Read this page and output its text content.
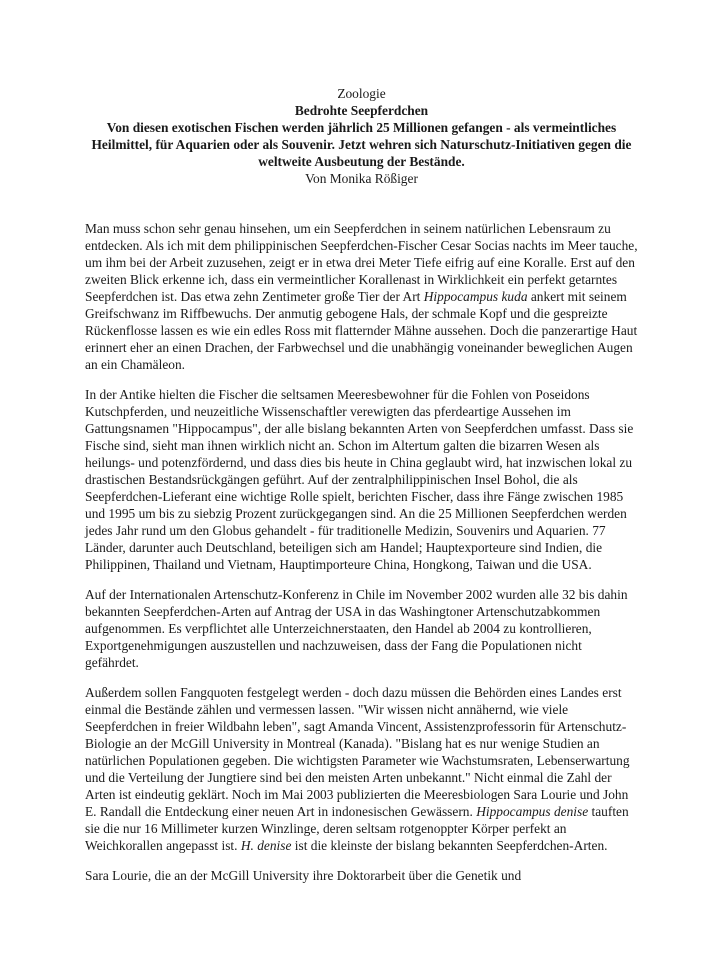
Zoologie
Bedrohte Seepferdchen
Von diesen exotischen Fischen werden jährlich 25 Millionen gefangen - als vermeintliches Heilmittel, für Aquarien oder als Souvenir. Jetzt wehren sich Naturschutz-Initiativen gegen die weltweite Ausbeutung der Bestände.
Von Monika Rößiger

Man muss schon sehr genau hinsehen, um ein Seepferdchen in seinem natürlichen Lebensraum zu entdecken. Als ich mit dem philippinischen Seepferdchen-Fischer Cesar Socias nachts im Meer tauche, um ihm bei der Arbeit zuzusehen, zeigt er in etwa drei Meter Tiefe eifrig auf eine Koralle. Erst auf den zweiten Blick erkenne ich, dass ein vermeintlicher Korallenast in Wirklichkeit ein perfekt getarntes Seepferdchen ist. Das etwa zehn Zentimeter große Tier der Art Hippocampus kuda ankert mit seinem Greifschwanz im Riffbewuchs. Der anmutig gebogene Hals, der schmale Kopf und die gespreizte Rückenflosse lassen es wie ein edles Ross mit flatternder Mähne aussehen. Doch die panzerartige Haut erinnert eher an einen Drachen, der Farbwechsel und die unabhängig voneinander beweglichen Augen an ein Chamäleon.

In der Antike hielten die Fischer die seltsamen Meeresbewohner für die Fohlen von Poseidons Kutschpferden, und neuzeitliche Wissenschaftler verewigten das pferdeartige Aussehen im Gattungsnamen "Hippocampus", der alle bislang bekannten Arten von Seepferdchen umfasst. Dass sie Fische sind, sieht man ihnen wirklich nicht an. Schon im Altertum galten die bizarren Wesen als heilungs- und potenzfördernd, und dass dies bis heute in China geglaubt wird, hat inzwischen lokal zu drastischen Bestandsrückgängen geführt. Auf der zentralphilippinischen Insel Bohol, die als Seepferdchen-Lieferant eine wichtige Rolle spielt, berichten Fischer, dass ihre Fänge zwischen 1985 und 1995 um bis zu siebzig Prozent zurückgegangen sind. An die 25 Millionen Seepferdchen werden jedes Jahr rund um den Globus gehandelt - für traditionelle Medizin, Souvenirs und Aquarien. 77 Länder, darunter auch Deutschland, beteiligen sich am Handel; Hauptexporteure sind Indien, die Philippinen, Thailand und Vietnam, Hauptimporteure China, Hongkong, Taiwan und die USA.

Auf der Internationalen Artenschutz-Konferenz in Chile im November 2002 wurden alle 32 bis dahin bekannten Seepferdchen-Arten auf Antrag der USA in das Washingtoner Artenschutzabkommen aufgenommen. Es verpflichtet alle Unterzeichnerstaaten, den Handel ab 2004 zu kontrollieren, Exportgenehmigungen auszustellen und nachzuweisen, dass der Fang die Populationen nicht gefährdet.

Außerdem sollen Fangquoten festgelegt werden - doch dazu müssen die Behörden eines Landes erst einmal die Bestände zählen und vermessen lassen. "Wir wissen nicht annähernd, wie viele Seepferdchen in freier Wildbahn leben", sagt Amanda Vincent, Assistenzprofessorin für Artenschutz-Biologie an der McGill University in Montreal (Kanada). "Bislang hat es nur wenige Studien an natürlichen Populationen gegeben. Die wichtigsten Parameter wie Wachstumsraten, Lebenserwartung und die Verteilung der Jungtiere sind bei den meisten Arten unbekannt." Nicht einmal die Zahl der Arten ist eindeutig geklärt. Noch im Mai 2003 publizierten die Meeresbiologen Sara Lourie und John E. Randall die Entdeckung einer neuen Art in indonesischen Gewässern. Hippocampus denise tauften sie die nur 16 Millimeter kurzen Winzlinge, deren seltsam rotgenoppter Körper perfekt an Weichkorallen angepasst ist. H. denise ist die kleinste der bislang bekannten Seepferdchen-Arten.

Sara Lourie, die an der McGill University ihre Doktorarbeit über die Genetik und
